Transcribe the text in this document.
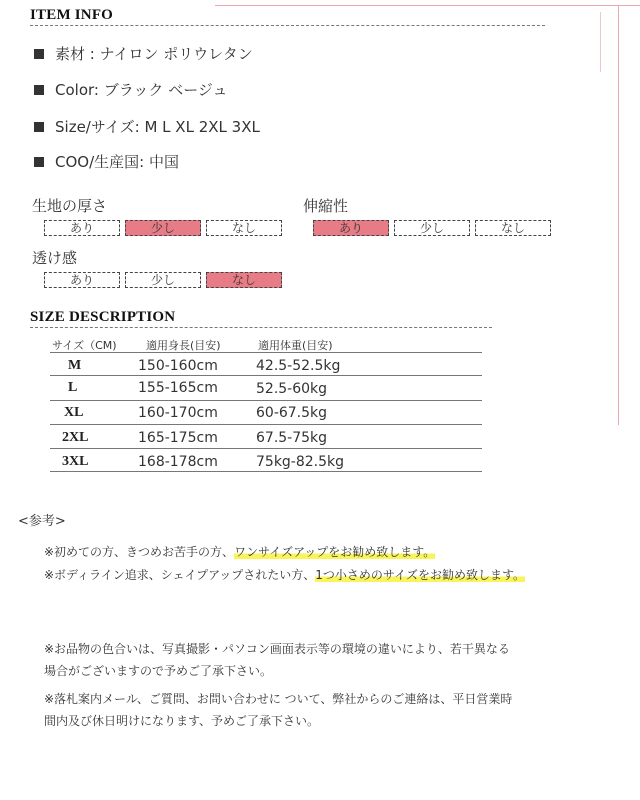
ITEM INFO
素材 : ナイロン ポリウレタン
Color: ブラック ベージュ
Size/サイズ: M L XL 2XL 3XL
COO/生産国: 中国
生地の厚さ
あり	少し	なし
伸縮性
あり	少し	なし
透け感
あり	少し	なし
SIZE DESCRIPTION
サイズ（CM)	適用身長(目安)	適用体重(目安)
M	150-160cm	42.5-52.5kg
L	155-165cm	52.5-60kg
XL	160-170cm	60-67.5kg
2XL	165-175cm	67.5-75kg
3XL	168-178cm	75kg-82.5kg
<参考>
※初めての方、きつめお苦手の方、ワンサイズアップをお勧め致します。
※ボディライン追求、シェイプアップされたい方、1つ小さめのサイズをお勧め致します。
※お品物の色合いは、写真撮影・パソコン画面表示等の環境の違いにより、若干異なる
場合がございますので予めご了承下さい。
※落札案内メール、ご質問、お問い合わせに ついて、弊社からのご連絡は、平日営業時
間内及び休日明けになります、予めご了承下さい。
